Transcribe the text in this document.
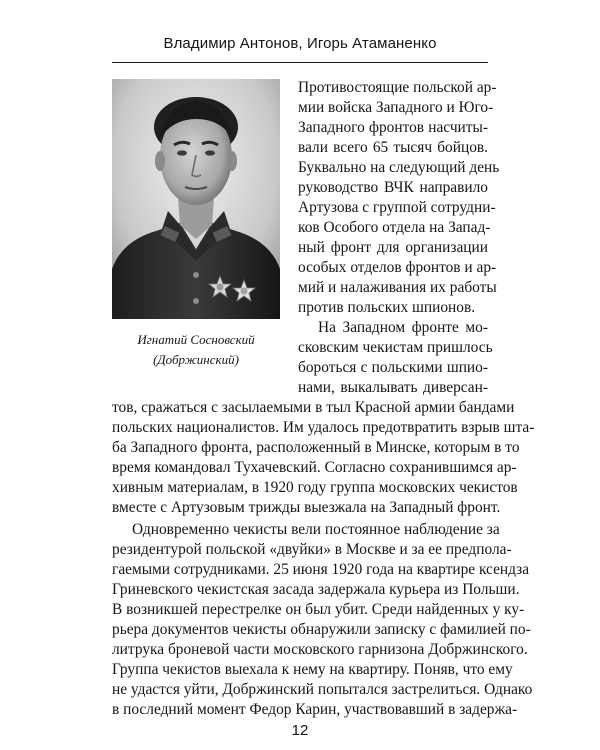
Владимир Антонов, Игорь Атаманенко
Игнатий Сосновский
(Добржинский)
Противостоящие польской ар-
мии войска Западного и Юго-
Западного фронтов насчиты-
вали всего 65 тысяч бойцов.
Буквально на следующий день
руководство ВЧК направило
Артузова с группой сотрудни-
ков Особого отдела на Запад-
ный фронт для организации
особых отделов фронтов и ар-
мий и налаживания их работы
против польских шпионов.
На Западном фронте мо-
сковским чекистам пришлось
бороться с польскими шпио-
нами, выкалывать диверсан-
тов, сражаться с засылаемыми в тыл Красной армии бандами
польских националистов. Им удалось предотвратить взрыв шта-
ба Западного фронта, расположенный в Минске, которым в то
время командовал Тухачевский. Согласно сохранившимся ар-
хивным материалам, в 1920 году группа московских чекистов
вместе с Артузовым трижды выезжала на Западный фронт.
Одновременно чекисты вели постоянное наблюдение за
резидентурой польской «двуйки» в Москве и за ее предпола-
гаемыми сотрудниками. 25 июня 1920 года на квартире ксендза
Гриневского чекистская засада задержала курьера из Польши.
В возникшей перестрелке он был убит. Среди найденных у ку-
рьера документов чекисты обнаружили записку с фамилией по-
литрука броневой части московского гарнизона Добржинского.
Группа чекистов выехала к нему на квартиру. Поняв, что ему
не удастся уйти, Добржинский попытался застрелиться. Однако
в последний момент Федор Карин, участвовавший в задержа-
12
